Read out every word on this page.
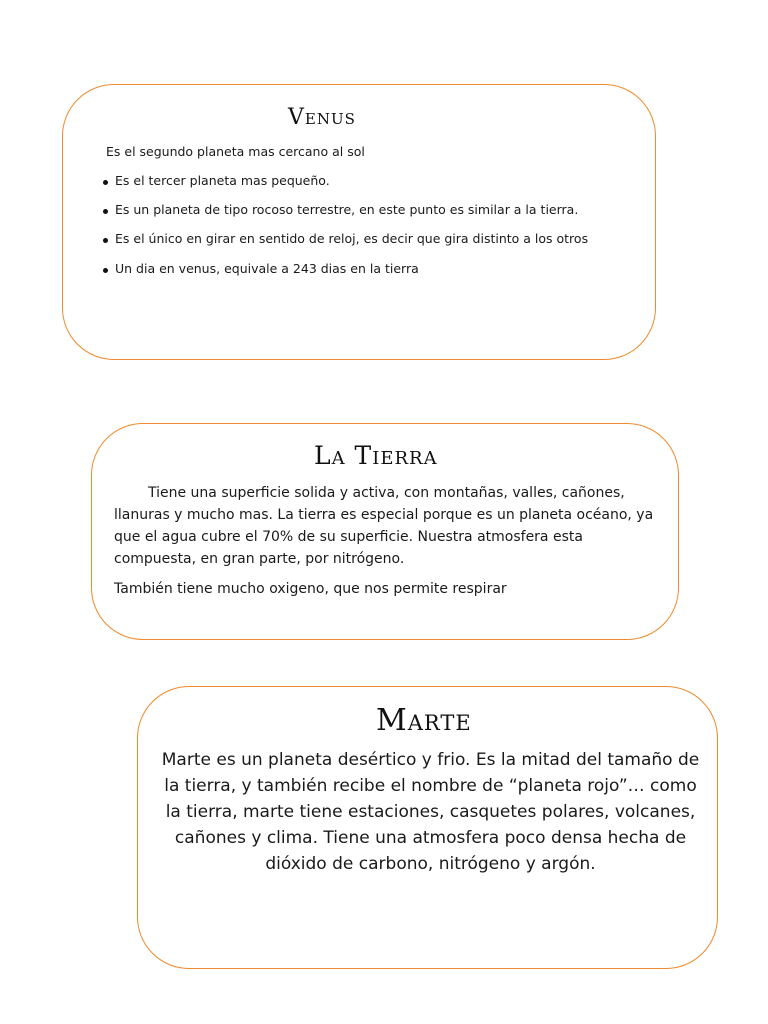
Venus

Es el segundo planeta mas cercano al sol

Es el tercer planeta mas pequeño.
Es un planeta de tipo rocoso terrestre, en este punto es similar a la tierra.
Es el único en girar en sentido de reloj, es decir que gira distinto a los otros
Un dia en venus, equivale a 243 dias en la tierra
La Tierra

Tiene una superficie solida y activa, con montañas, valles, cañones, llanuras y mucho mas. La tierra es especial porque es un planeta océano, ya que el agua cubre el 70% de su superficie. Nuestra atmosfera esta compuesta, en gran parte, por nitrógeno.

También tiene mucho oxigeno, que nos permite respirar

Marte

Marte es un planeta desértico y frio. Es la mitad del tamaño de la tierra, y también recibe el nombre de “planeta rojo”… como la tierra, marte tiene estaciones, casquetes polares, volcanes, cañones y clima. Tiene una atmosfera poco densa hecha de dióxido de carbono, nitrógeno y argón.
